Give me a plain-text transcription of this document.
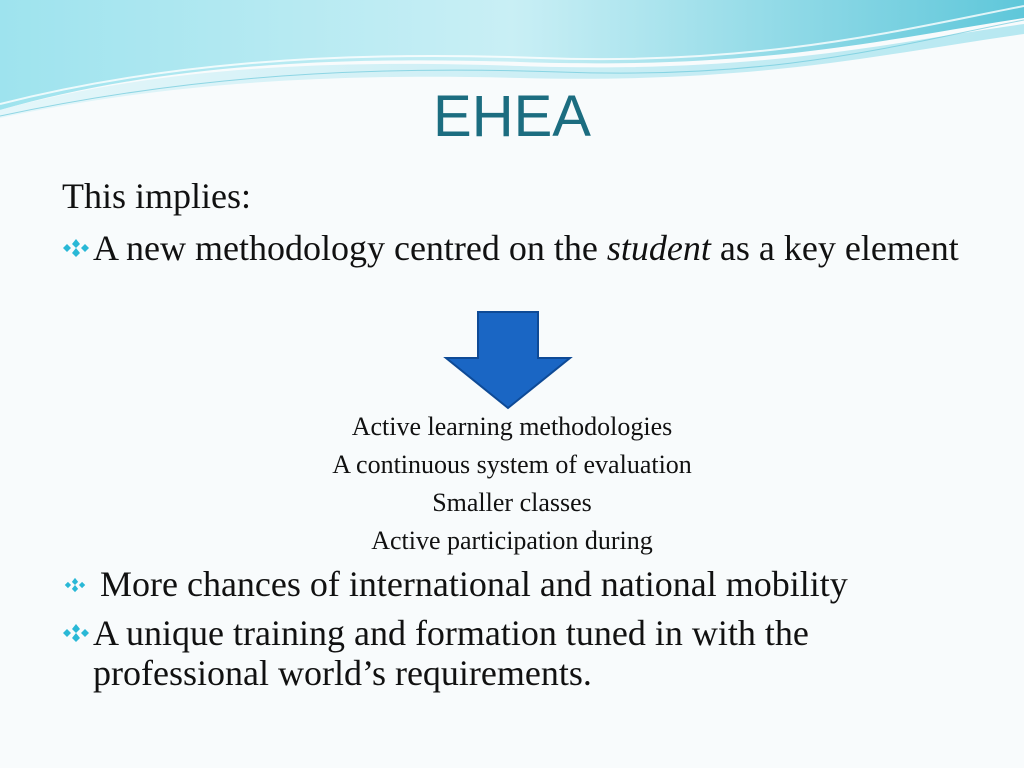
EHEA
This implies:
A new methodology centred on the student as a key element
Active learning methodologies
A continuous system of evaluation
Smaller classes
Active participation during
More chances of international and national mobility
A unique training and formation tuned in with the professional world’s requirements.
